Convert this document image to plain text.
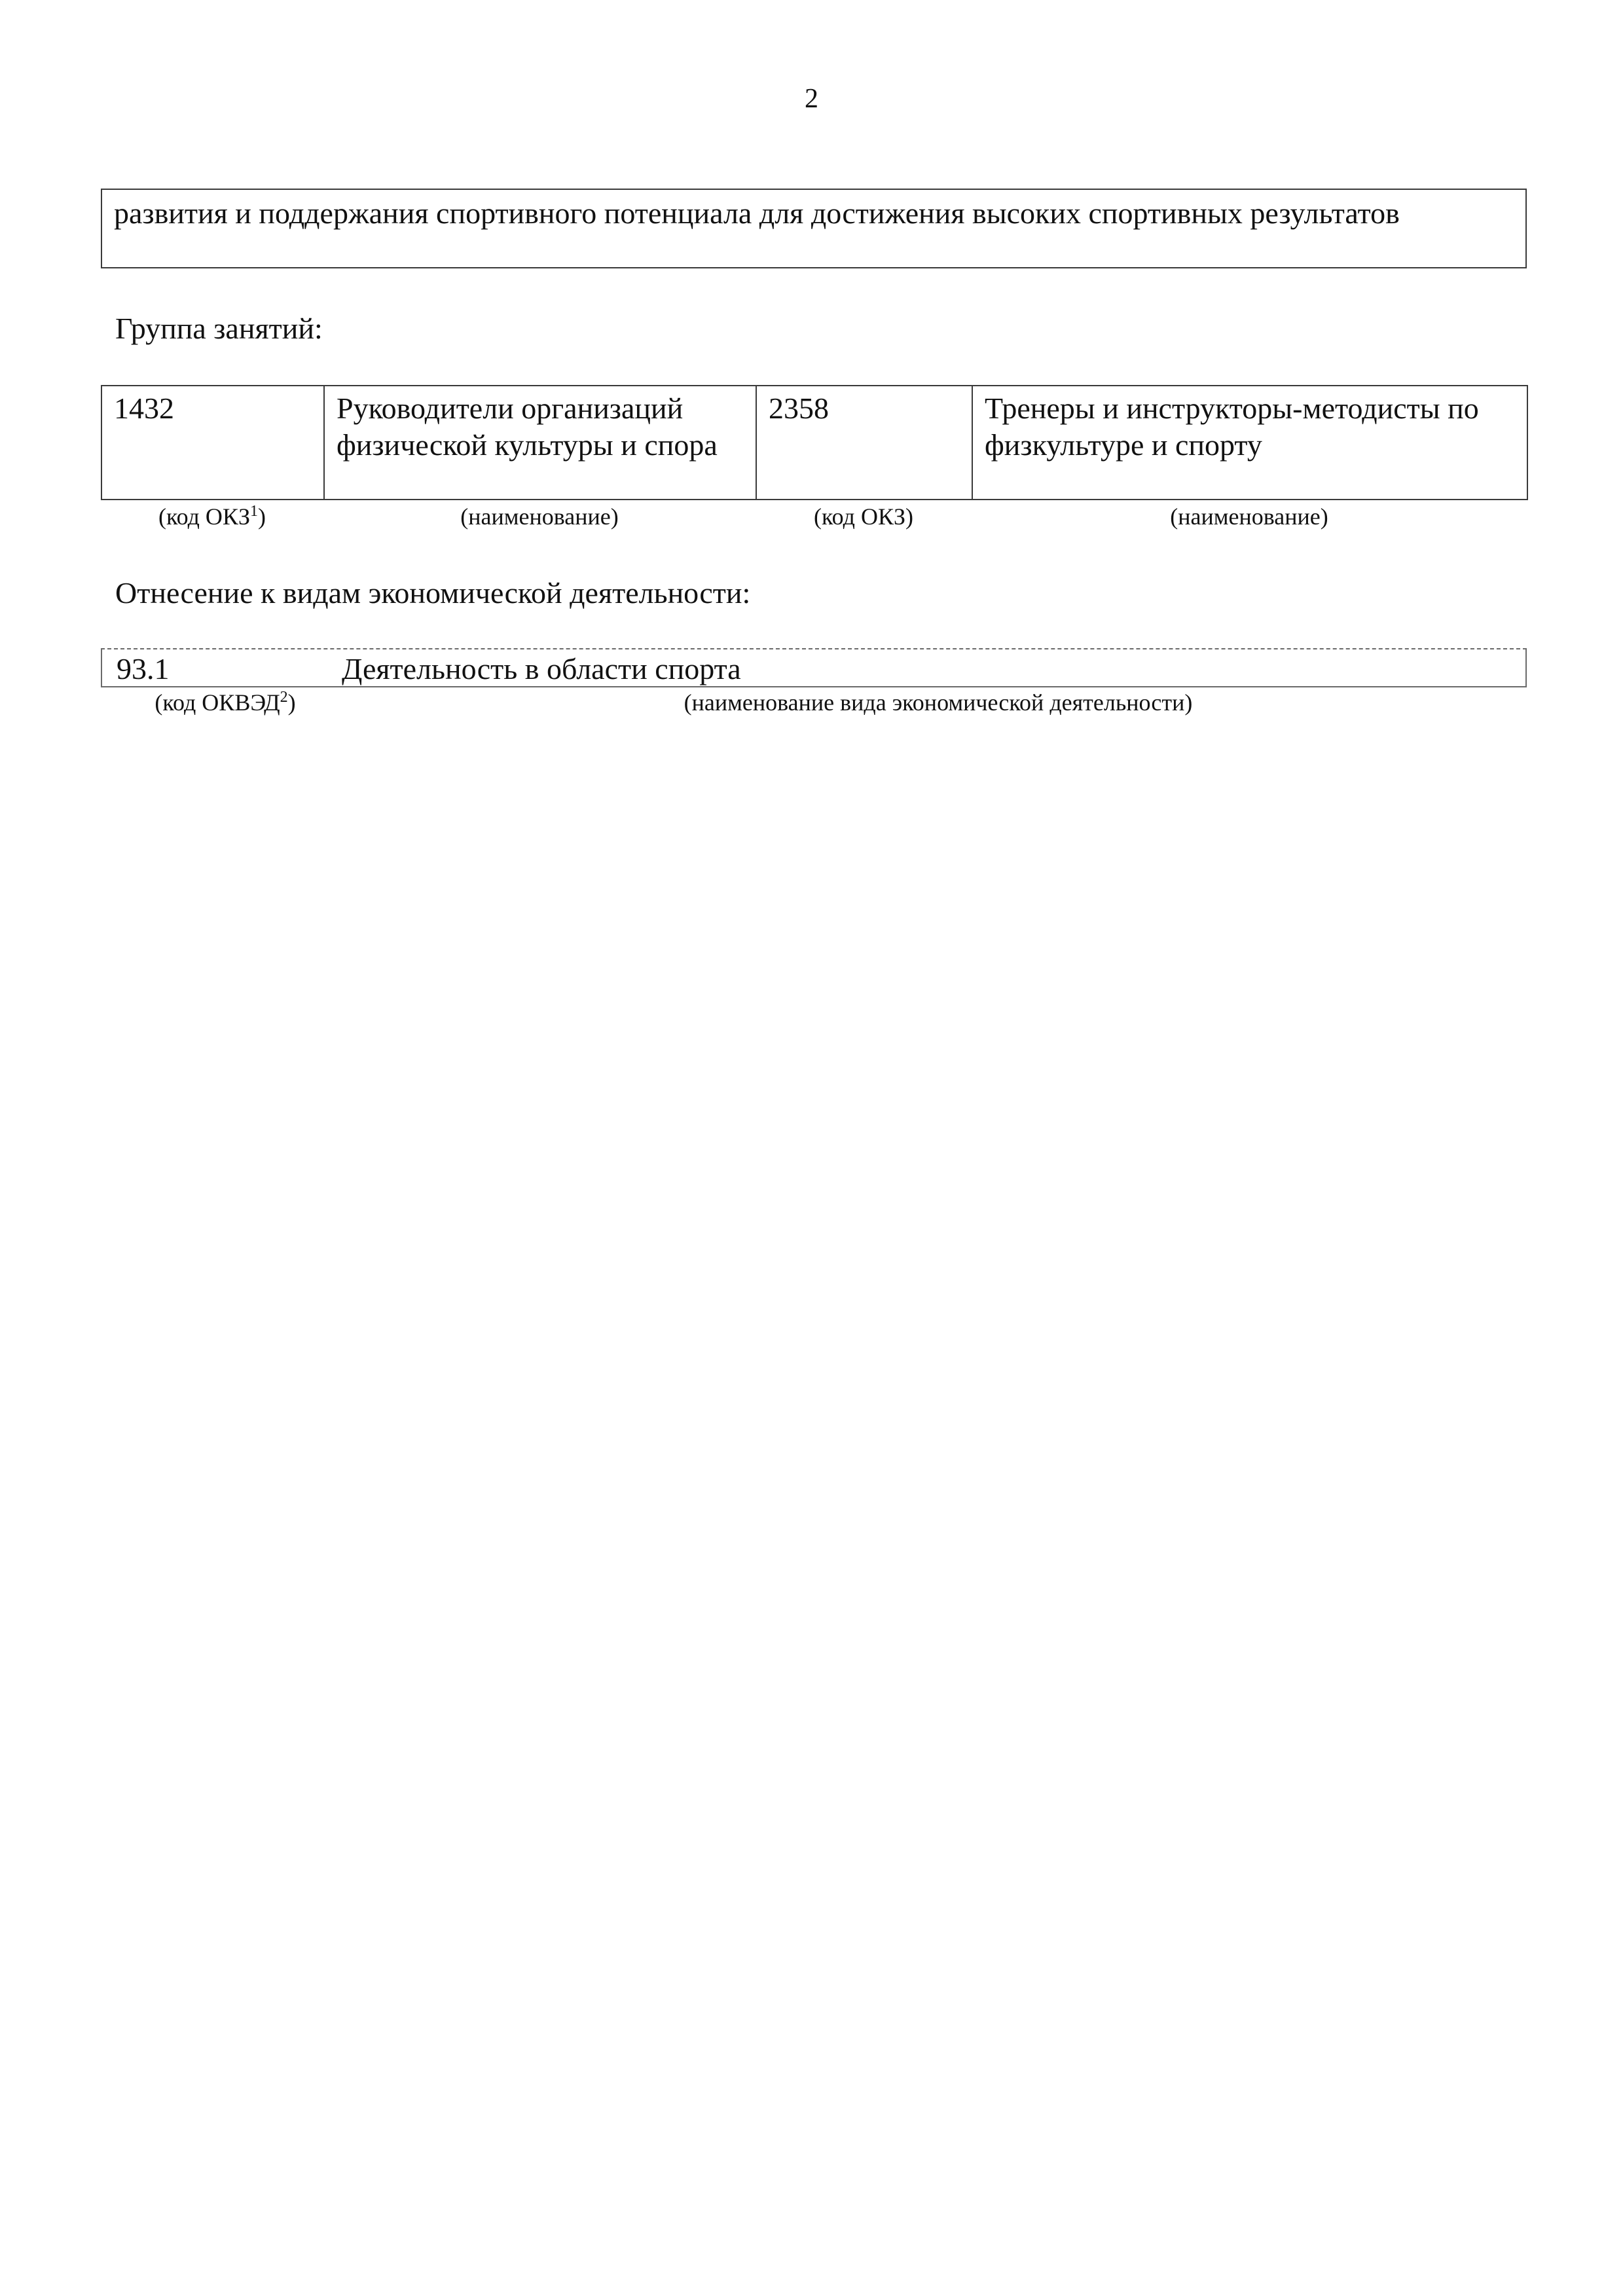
2
развития и поддержания спортивного потенциала для достижения высоких спортивных результатов
Группа занятий:
1432	Руководители организаций физической культуры и спора	2358	Тренеры и инструкторы-методисты по физкультуре и спорту
(код ОКЗ$^1$)	(наименование)	(код ОКЗ)	(наименование)
Отнесение к видам экономической деятельности:
93.1	Деятельность в области спорта
(код ОКВЭД$^2$)	(наименование вида экономической деятельности)
